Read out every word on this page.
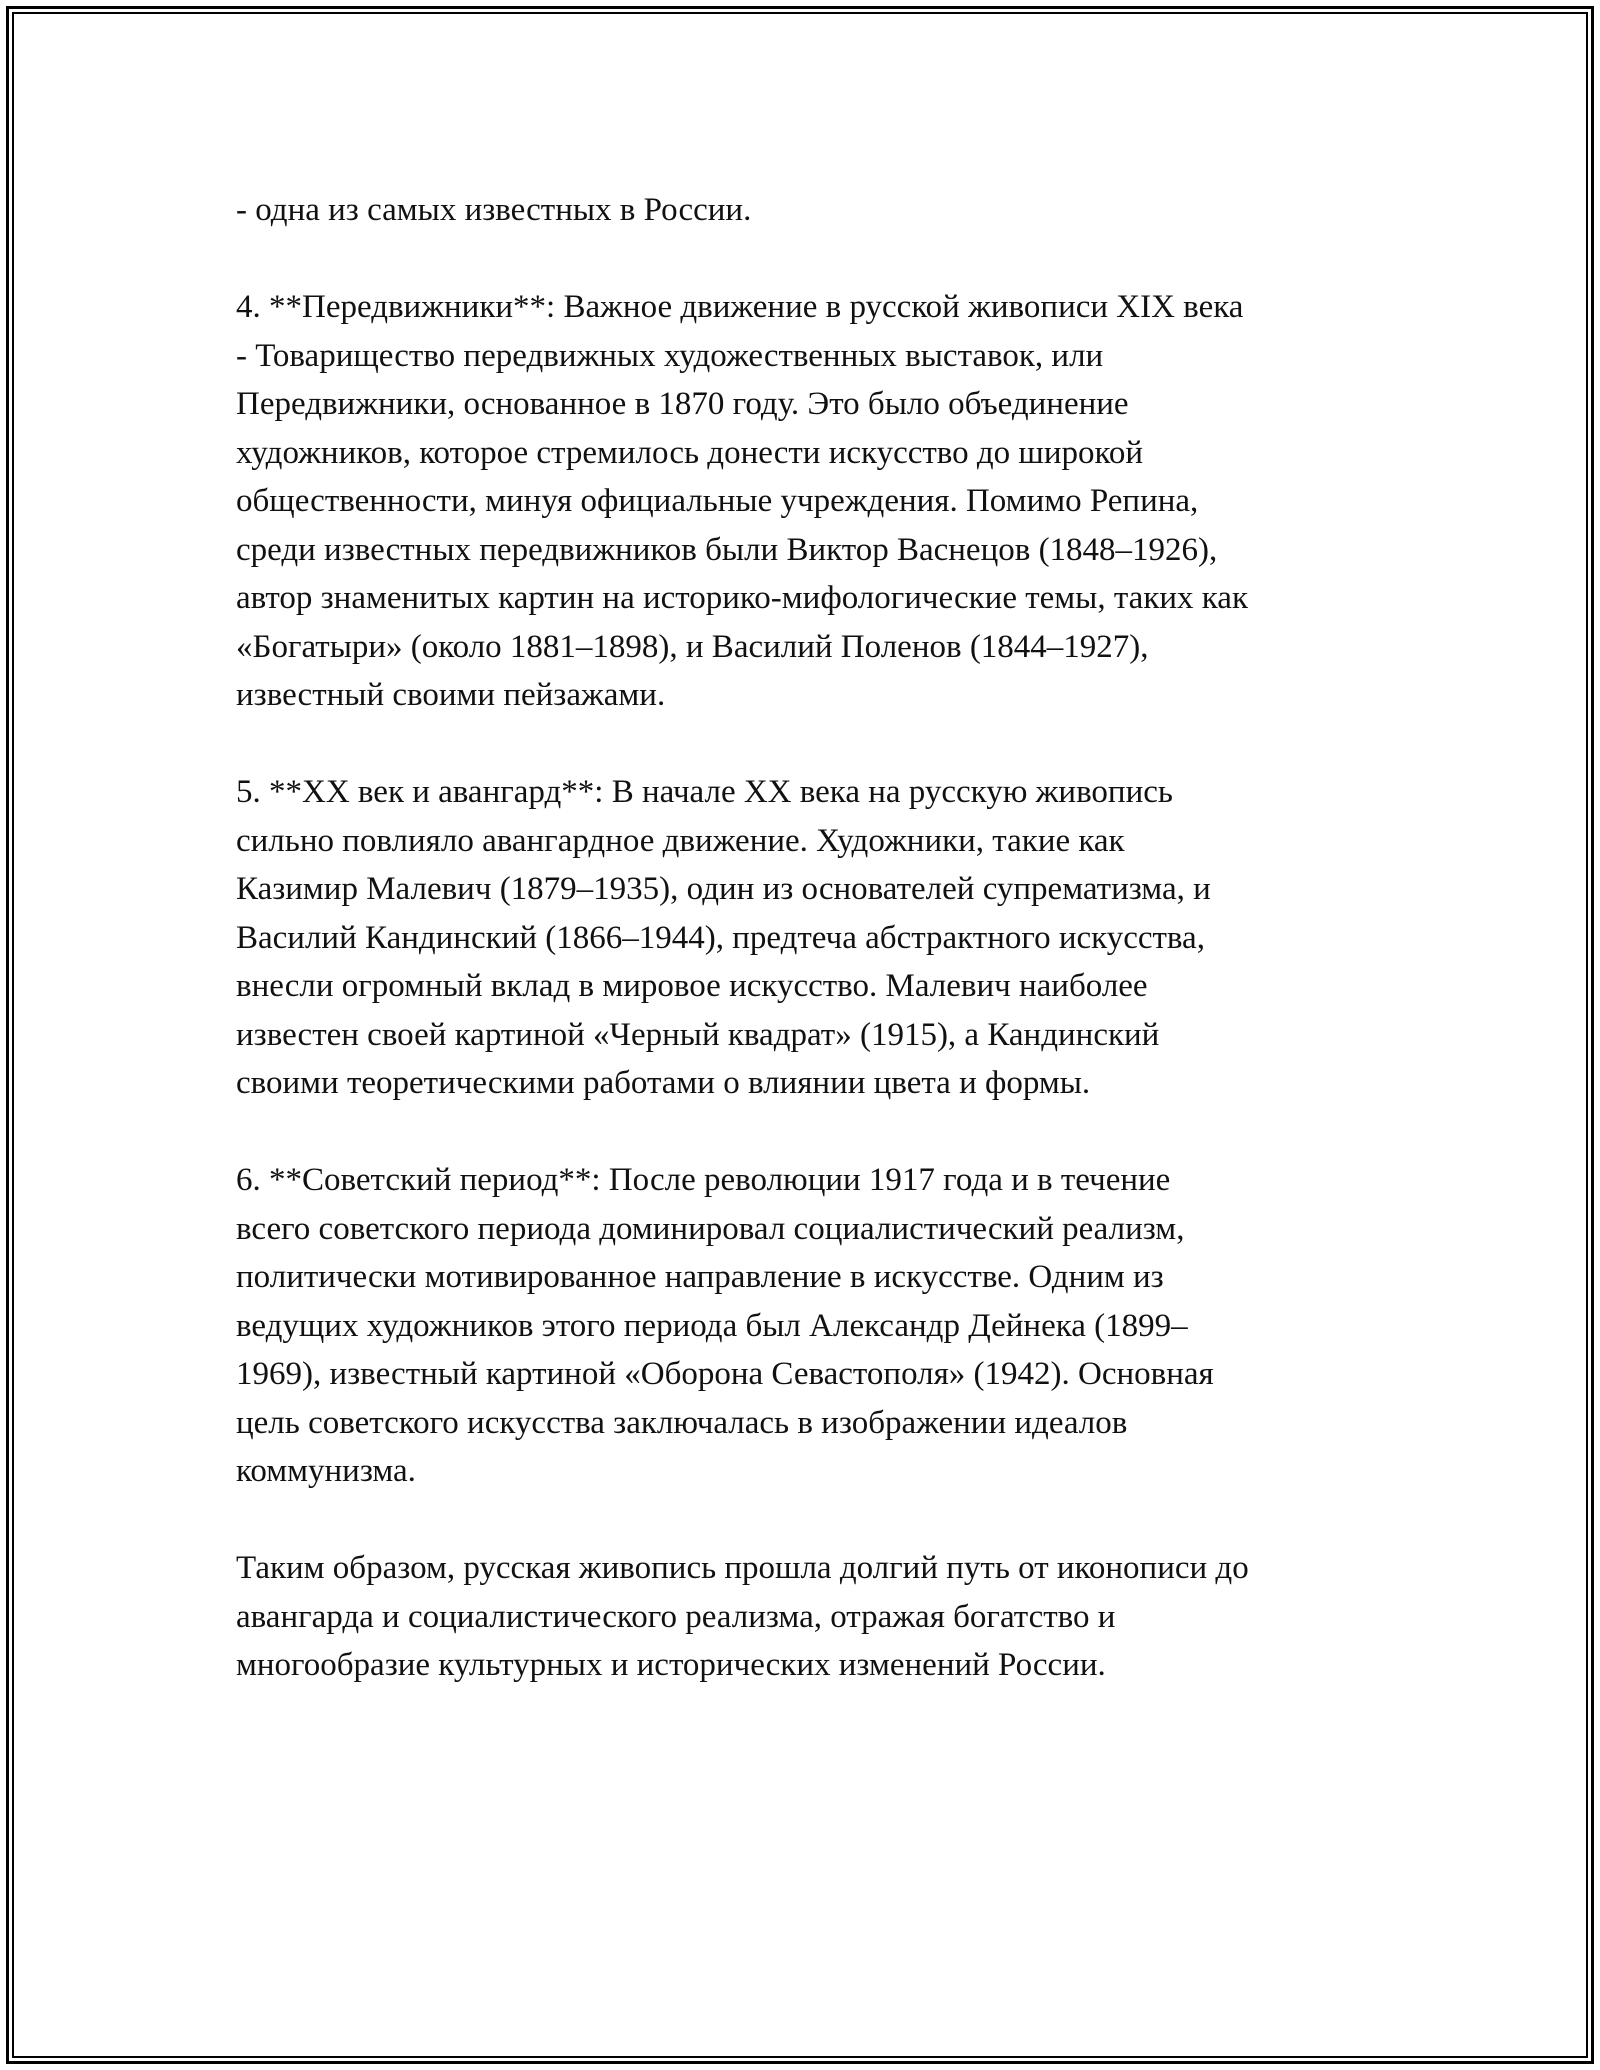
- одна из самых известных в России.
4. **Передвижники**: Важное движение в русской живописи XIX века
- Товарищество передвижных художественных выставок, или
Передвижники, основанное в 1870 году. Это было объединение
художников, которое стремилось донести искусство до широкой
общественности, минуя официальные учреждения. Помимо Репина,
среди известных передвижников были Виктор Васнецов (1848–1926),
автор знаменитых картин на историко-мифологические темы, таких как
«Богатыри» (около 1881–1898), и Василий Поленов (1844–1927),
известный своими пейзажами.
5. **XX век и авангард**: В начале XX века на русскую живопись
сильно повлияло авангардное движение. Художники, такие как
Казимир Малевич (1879–1935), один из основателей супрематизма, и
Василий Кандинский (1866–1944), предтеча абстрактного искусства,
внесли огромный вклад в мировое искусство. Малевич наиболее
известен своей картиной «Черный квадрат» (1915), а Кандинский
своими теоретическими работами о влиянии цвета и формы.
6. **Советский период**: После революции 1917 года и в течение
всего советского периода доминировал социалистический реализм,
политически мотивированное направление в искусстве. Одним из
ведущих художников этого периода был Александр Дейнека (1899–
1969), известный картиной «Оборона Севастополя» (1942). Основная
цель советского искусства заключалась в изображении идеалов
коммунизма.
Таким образом, русская живопись прошла долгий путь от иконописи до
авангарда и социалистического реализма, отражая богатство и
многообразие культурных и исторических изменений России.
